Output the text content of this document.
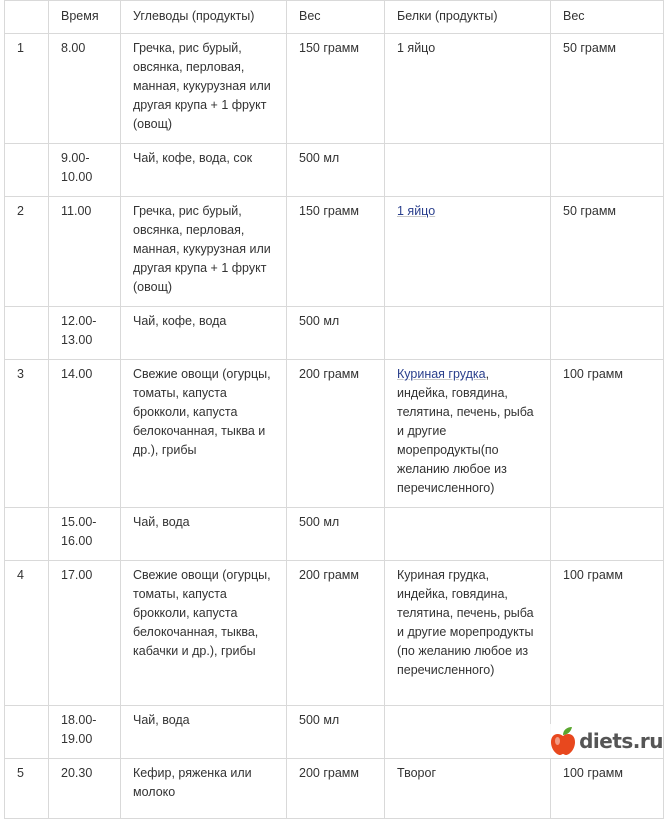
	Время	Углеводы (продукты)	Вес	Белки (продукты)	Вес
1	8.00	Гречка, рис бурый, овсянка, перловая, манная, кукурузная или другая крупа + 1 фрукт (овощ)	150 грамм	1 яйцо	50 грамм
	9.00-10.00	Чай, кофе, вода, сок	500 мл		
2	11.00	Гречка, рис бурый, овсянка, перловая, манная, кукурузная или другая крупа + 1 фрукт (овощ)	150 грамм	1 яйцо	50 грамм
	12.00-13.00	Чай, кофе, вода	500 мл		
3	14.00	Свежие овощи (огурцы, томаты, капуста брокколи, капуста белокочанная, тыква и др.), грибы	200 грамм	Куриная грудка, индейка, говядина, телятина, печень, рыба и другие морепродукты(по желанию любое из перечисленного)	100 грамм
	15.00-16.00	Чай, вода	500 мл		
4	17.00	Свежие овощи (огурцы, томаты, капуста брокколи, капуста белокочанная, тыква, кабачки и др.), грибы	200 грамм	Куриная грудка, индейка, говядина, телятина, печень, рыба и другие морепродукты (по желанию любое из перечисленного)	100 грамм
	18.00-19.00	Чай, вода	500 мл		
5	20.30	Кефир, ряженка или молоко	200 грамм	Творог	100 грамм
diets.ru
